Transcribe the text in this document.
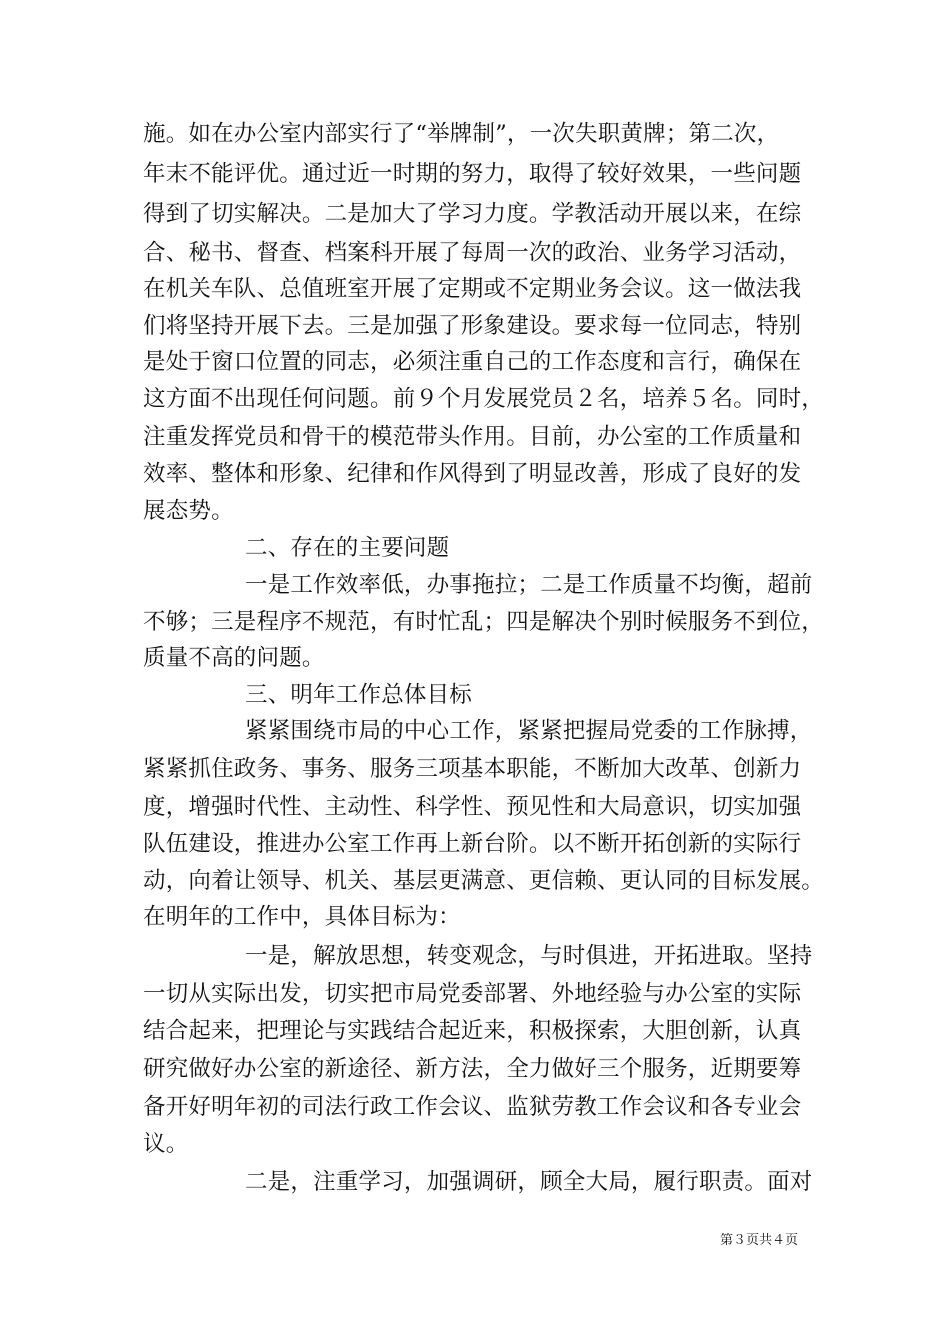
施。如在办公室内部实行了“举牌制”，一次失职黄牌；第二次，
年末不能评优。通过近一时期的努力，取得了较好效果，一些问题
得到了切实解决。二是加大了学习力度。学教活动开展以来，在综
合、秘书、督查、档案科开展了每周一次的政治、业务学习活动，
在机关车队、总值班室开展了定期或不定期业务会议。这一做法我
们将坚持开展下去。三是加强了形象建设。要求每一位同志，特别
是处于窗口位置的同志，必须注重自己的工作态度和言行，确保在
这方面不出现任何问题。前９个月发展党员２名，培养５名。同时，
注重发挥党员和骨干的模范带头作用。目前，办公室的工作质量和
效率、整体和形象、纪律和作风得到了明显改善，形成了良好的发
展态势。
二、存在的主要问题
一是工作效率低，办事拖拉；二是工作质量不均衡，超前
不够；三是程序不规范，有时忙乱；四是解决个别时候服务不到位，
质量不高的问题。
三、明年工作总体目标
紧紧围绕市局的中心工作，紧紧把握局党委的工作脉搏，
紧紧抓住政务、事务、服务三项基本职能，不断加大改革、创新力
度，增强时代性、主动性、科学性、预见性和大局意识，切实加强
队伍建设，推进办公室工作再上新台阶。以不断开拓创新的实际行
动，向着让领导、机关、基层更满意、更信赖、更认同的目标发展。
在明年的工作中，具体目标为：
一是，解放思想，转变观念，与时俱进，开拓进取。坚持
一切从实际出发，切实把市局党委部署、外地经验与办公室的实际
结合起来，把理论与实践结合起近来，积极探索，大胆创新，认真
研究做好办公室的新途径、新方法，全力做好三个服务，近期要筹
备开好明年初的司法行政工作会议、监狱劳教工作会议和各专业会
议。
二是，注重学习，加强调研，顾全大局，履行职责。面对
第３页共４页
